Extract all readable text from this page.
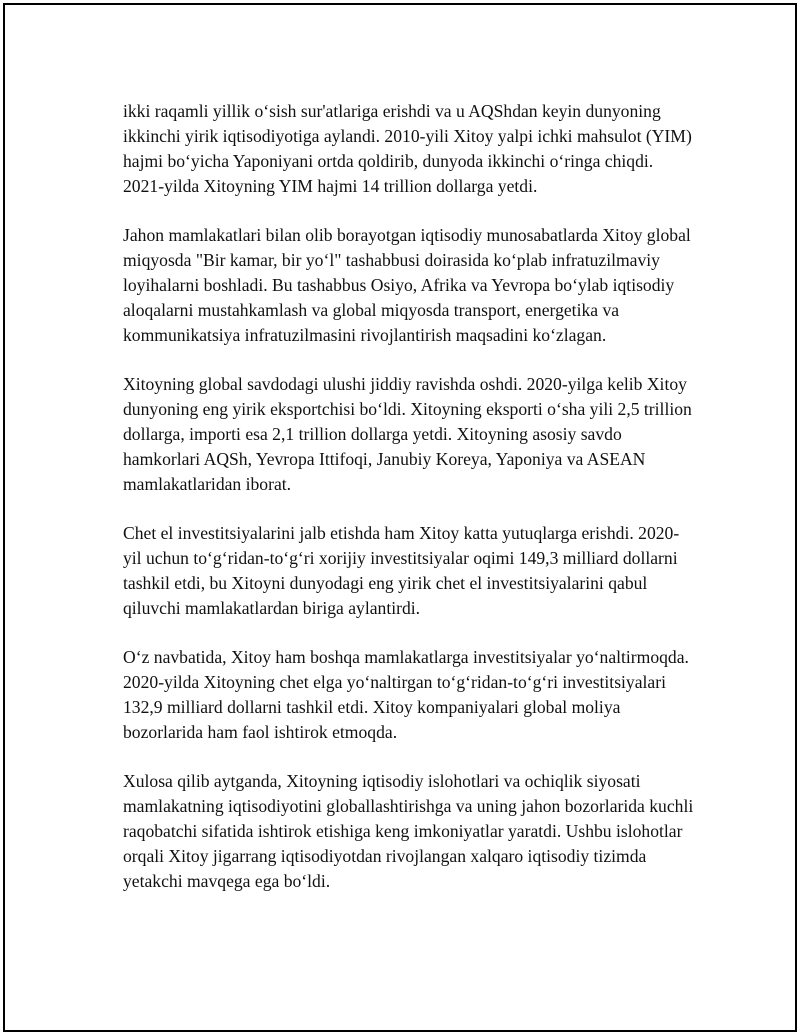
ikki raqamli yillik o‘sish sur'atlariga erishdi va u AQShdan keyin dunyoning ikkinchi yirik iqtisodiyotiga aylandi. 2010-yili Xitoy yalpi ichki mahsulot (YIM) hajmi bo‘yicha Yaponiyani ortda qoldirib, dunyoda ikkinchi o‘ringa chiqdi. 2021-yilda Xitoyning YIM hajmi 14 trillion dollarga yetdi.

Jahon mamlakatlari bilan olib borayotgan iqtisodiy munosabatlarda Xitoy global miqyosda "Bir kamar, bir yo‘l" tashabbusi doirasida ko‘plab infratuzilmaviy loyihalarni boshladi. Bu tashabbus Osiyo, Afrika va Yevropa bo‘ylab iqtisodiy aloqalarni mustahkamlash va global miqyosda transport, energetika va kommunikatsiya infratuzilmasini rivojlantirish maqsadini ko‘zlagan.

Xitoyning global savdodagi ulushi jiddiy ravishda oshdi. 2020-yilga kelib Xitoy dunyoning eng yirik eksportchisi bo‘ldi. Xitoyning eksporti o‘sha yili 2,5 trillion dollarga, importi esa 2,1 trillion dollarga yetdi. Xitoyning asosiy savdo hamkorlari AQSh, Yevropa Ittifoqi, Janubiy Koreya, Yaponiya va ASEAN mamlakatlaridan iborat.

Chet el investitsiyalarini jalb etishda ham Xitoy katta yutuqlarga erishdi. 2020-yil uchun to‘g‘ridan-to‘g‘ri xorijiy investitsiyalar oqimi 149,3 milliard dollarni tashkil etdi, bu Xitoyni dunyodagi eng yirik chet el investitsiyalarini qabul qiluvchi mamlakatlardan biriga aylantirdi.

O‘z navbatida, Xitoy ham boshqa mamlakatlarga investitsiyalar yo‘naltirmoqda. 2020-yilda Xitoyning chet elga yo‘naltirgan to‘g‘ridan-to‘g‘ri investitsiyalari 132,9 milliard dollarni tashkil etdi. Xitoy kompaniyalari global moliya bozorlarida ham faol ishtirok etmoqda.

Xulosa qilib aytganda, Xitoyning iqtisodiy islohotlari va ochiqlik siyosati mamlakatning iqtisodiyotini globallashtirishga va uning jahon bozorlarida kuchli raqobatchi sifatida ishtirok etishiga keng imkoniyatlar yaratdi. Ushbu islohotlar orqali Xitoy jigarrang iqtisodiyotdan rivojlangan xalqaro iqtisodiy tizimda yetakchi mavqega ega bo‘ldi.
